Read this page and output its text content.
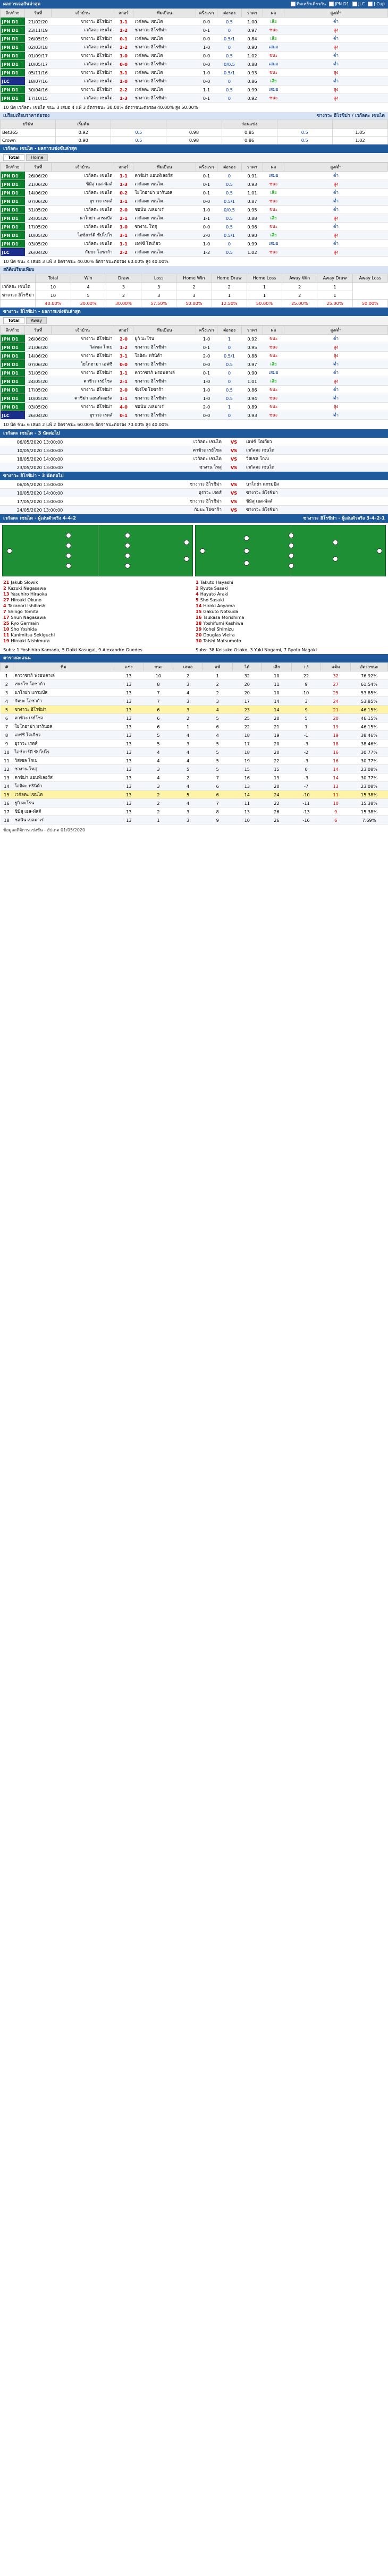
ผลการเจอกันล่าสุด	ทีมเหย้าเดียวกัน	JPN D1	JLC	J Cup
ลีก/ถ้วย	วันที่	เจ้าบ้าน	สกอร์	ทีมเยือน	ครึ่งแรก	ต่อรอง	ราคา	ผล	สูง/ต่ำ
JPN D1	21/02/20	ซางาวะ ฮิโรชิม่า	1-1	เวกัลตะ เซนได	0-0	0.5	1.00	เสีย	ต่ำ
JPN D1	23/11/19	เวกัลตะ เซนได	1-2	ซางาวะ ฮิโรชิม่า	0-1	0	0.97	ชนะ	สูง
JPN D1	26/05/19	ซางาวะ ฮิโรชิม่า	0-1	เวกัลตะ เซนได	0-0	0.5/1	0.84	เสีย	ต่ำ
JPN D1	02/03/18	เวกัลตะ เซนได	2-2	ซางาวะ ฮิโรชิม่า	1-0	0	0.90	เสมอ	สูง
JPN D1	01/09/17	ซางาวะ ฮิโรชิม่า	1-0	เวกัลตะ เซนได	0-0	0.5	1.02	ชนะ	ต่ำ
JPN D1	10/05/17	เวกัลตะ เซนได	0-0	ซางาวะ ฮิโรชิม่า	0-0	0/0.5	0.88	เสมอ	ต่ำ
JPN D1	05/11/16	ซางาวะ ฮิโรชิม่า	3-1	เวกัลตะ เซนได	1-0	0.5/1	0.93	ชนะ	สูง
JLC	18/07/16	เวกัลตะ เซนได	1-0	ซางาวะ ฮิโรชิม่า	0-0	0	0.86	เสีย	ต่ำ
JPN D1	30/04/16	ซางาวะ ฮิโรชิม่า	2-2	เวกัลตะ เซนได	1-1	0.5	0.99	เสมอ	สูง
JPN D1	17/10/15	เวกัลตะ เซนได	1-3	ซางาวะ ฮิโรชิม่า	0-1	0	0.92	ชนะ	สูง
10 นัด เวกัลตะ เซนได ชนะ 3 เสมอ 4 แพ้ 3 อัตราชนะ 30.00% อัตราชนะต่อรอง 40.00% สูง 50.00%
เปรียบเทียบราคาต่อรอง	ซางาวะ ฮิโรชิม่า / เวกัลตะ เซนได
บริษัท	เริ่มต้น			ก่อนแข่ง		
Bet365	0.92	0.5	0.98	0.85	0.5	1.05
Crown	0.90	0.5	0.98	0.86	0.5	1.02
เวกัลตะ เซนได - ผลการแข่งขันล่าสุด
Total	Home
ลีก/ถ้วย	วันที่	เจ้าบ้าน	สกอร์	ทีมเยือน	ครึ่งแรก	ต่อรอง	ราคา	ผล	สูง/ต่ำ
JPN D1	26/06/20	เวกัลตะ เซนได	1-1	คาชิม่า แอนท์เลอร์ส	0-1	0	0.91	เสมอ	ต่ำ
JPN D1	21/06/20	ชิมิสุ เอส-พัลส์	1-3	เวกัลตะ เซนได	0-1	0.5	0.93	ชนะ	สูง
JPN D1	14/06/20	เวกัลตะ เซนได	0-2	โยโกฮาม่า มารินอส	0-1	0.5	1.01	เสีย	ต่ำ
JPN D1	07/06/20	อุราวะ เรดส์	1-1	เวกัลตะ เซนได	0-0	0.5/1	0.87	ชนะ	ต่ำ
JPN D1	31/05/20	เวกัลตะ เซนได	2-0	ชอนัน เบลมาเร่	1-0	0/0.5	0.95	ชนะ	ต่ำ
JPN D1	24/05/20	นาโกย่า แกรมปัส	2-1	เวกัลตะ เซนได	1-1	0.5	0.88	เสีย	สูง
JPN D1	17/05/20	เวกัลตะ เซนได	1-0	ซางาน โทสุ	0-0	0.5	0.96	ชนะ	ต่ำ
JPN D1	10/05/20	ไอซ์ฮาร์ดี ซัปโปโร	3-1	เวกัลตะ เซนได	2-0	0.5/1	0.90	เสีย	สูง
JPN D1	03/05/20	เวกัลตะ เซนได	1-1	เอฟซี โตเกียว	1-0	0	0.99	เสมอ	ต่ำ
JLC	26/04/20	กัมบะ โอซาก้า	2-2	เวกัลตะ เซนได	1-2	0.5	1.02	ชนะ	สูง
10 นัด ชนะ 4 เสมอ 3 แพ้ 3 อัตราชนะ 40.00% อัตราชนะต่อรอง 60.00% สูง 40.00%
สถิติเปรียบเทียบ
	Total	Win	Draw	Loss	Home Win	Home Draw	Home Loss	Away Win	Away Draw	Away Loss
เวกัลตะ เซนได	10	4	3	3	2	2	1	2	1	
ซางาวะ ฮิโรชิม่า	10	5	2	3	3	1	1	2	1	
	40.00%	30.00%	30.00%	57.50%	50.00%	12.50%	50.00%	25.00%	25.00%	50.00%
ซางาวะ ฮิโรชิม่า - ผลการแข่งขันล่าสุด
Total	Away
ลีก/ถ้วย	วันที่	เจ้าบ้าน	สกอร์	ทีมเยือน	ครึ่งแรก	ต่อรอง	ราคา	ผล	สูง/ต่ำ
JPN D1	26/06/20	ซางาวะ ฮิโรชิม่า	2-0	ยูกิ มะโรน	1-0	1	0.92	ชนะ	ต่ำ
JPN D1	21/06/20	วิสเซล โกเบ	1-2	ซางาวะ ฮิโรชิม่า	0-1	0	0.95	ชนะ	สูง
JPN D1	14/06/20	ซางาวะ ฮิโรชิม่า	3-1	โออิตะ ทรินิต้า	2-0	0.5/1	0.88	ชนะ	สูง
JPN D1	07/06/20	โยโกฮาม่า เอฟซี	0-0	ซางาวะ ฮิโรชิม่า	0-0	0.5	0.97	เสีย	ต่ำ
JPN D1	31/05/20	ซางาวะ ฮิโรชิม่า	1-1	คาวาซากิ ฟรอนตาเล่	0-1	0	0.90	เสมอ	ต่ำ
JPN D1	24/05/20	คาชิวะ เรย์โซล	2-1	ซางาวะ ฮิโรชิม่า	1-0	0	1.01	เสีย	สูง
JPN D1	17/05/20	ซางาวะ ฮิโรชิม่า	2-0	ซีเรโซ โอซาก้า	1-0	0.5	0.86	ชนะ	ต่ำ
JPN D1	10/05/20	คาชิม่า แอนท์เลอร์ส	1-1	ซางาวะ ฮิโรชิม่า	1-0	0.5	0.94	ชนะ	ต่ำ
JPN D1	03/05/20	ซางาวะ ฮิโรชิม่า	4-0	ชอนัน เบลมาเร่	2-0	1	0.89	ชนะ	สูง
JLC	26/04/20	อุราวะ เรดส์	0-1	ซางาวะ ฮิโรชิม่า	0-0	0	0.93	ชนะ	ต่ำ
10 นัด ชนะ 6 เสมอ 2 แพ้ 2 อัตราชนะ 60.00% อัตราชนะต่อรอง 70.00% สูง 40.00%
เวกัลตะ เซนได - 3 นัดต่อไป
06/05/2020 13:00:00	เวกัลตะ เซนได	VS	เอฟซี โตเกียว
10/05/2020 13:00:00	คาชิวะ เรย์โซล	VS	เวกัลตะ เซนได
18/05/2020 14:00:00	เวกัลตะ เซนได	VS	วิสเซล โกเบ
23/05/2020 13:00:00	ซางาน โทสุ	VS	เวกัลตะ เซนได
ซางาวะ ฮิโรชิม่า - 3 นัดต่อไป
06/05/2020 13:00:00	ซางาวะ ฮิโรชิม่า	VS	นาโกย่า แกรมปัส
10/05/2020 14:00:00	อุราวะ เรดส์	VS	ซางาวะ ฮิโรชิม่า
17/05/2020 13:00:00	ซางาวะ ฮิโรชิม่า	VS	ชิมิสุ เอส-พัลส์
24/05/2020 13:00:00	กัมบะ โอซาก้า	VS	ซางาวะ ฮิโรชิม่า
เวกัลตะ เซนได - ผู้เล่นตัวจริง 4-4-2	ซางาวะ ฮิโรชิม่า - ผู้เล่นตัวจริง 3-4-2-1
21 Jakub Slowik
2 Kazuki Nagasawa
13 Yasuhiro Hiraoka
27 Hiroaki Okuno
4 Takanori Ishibashi
7 Shingo Tomita
17 Shun Nagasawa
25 Ryo Germain
10 Sho Yoshida
11 Kunimitsu Sekiguchi
19 Hiroaki Nishimura
1 Takuto Hayashi
2 Ryuta Sasaki
4 Hayato Araki
5 Sho Sasaki
14 Hiroki Aoyama
15 Gakuto Notsuda
16 Tsukasa Morishima
18 Yoshifumi Kashiwa
19 Kohei Shimizu
20 Douglas Vieira
30 Taishi Matsumoto
Subs: 1 Yoshihiro Kamada, 5 Daiki Kasugai, 9 Alexandre Guedes	Subs: 38 Keisuke Osako, 3 Yuki Nogami, 7 Ryota Nagaki
ตารางคะแนน
#	ทีม	แข่ง	ชนะ	เสมอ	แพ้	ได้	เสีย	+/-	แต้ม	อัตราชนะ
1	คาวาซากิ ฟรอนตาเล่	13	10	2	1	32	10	22	32	76.92%
2	เซเรโซ โอซาก้า	13	8	3	2	20	11	9	27	61.54%
3	นาโกย่า แกรมปัส	13	7	4	2	20	10	10	25	53.85%
4	กัมบะ โอซาก้า	13	7	3	3	17	14	3	24	53.85%
5	ซางาวะ ฮิโรชิม่า	13	6	3	4	23	14	9	21	46.15%
6	คาชิวะ เรย์โซล	13	6	2	5	25	20	5	20	46.15%
7	โยโกฮาม่า มารินอส	13	6	1	6	22	21	1	19	46.15%
8	เอฟซี โตเกียว	13	5	4	4	18	19	-1	19	38.46%
9	อุราวะ เรดส์	13	5	3	5	17	20	-3	18	38.46%
10	ไอซ์ฮาร์ดี ซัปโปโร	13	4	4	5	18	20	-2	16	30.77%
11	วิสเซล โกเบ	13	4	4	5	19	22	-3	16	30.77%
12	ซางาน โทสุ	13	3	5	5	15	15	0	14	23.08%
13	คาชิม่า แอนท์เลอร์ส	13	4	2	7	16	19	-3	14	30.77%
14	โออิตะ ทรินิต้า	13	3	4	6	13	20	-7	13	23.08%
15	เวกัลตะ เซนได	13	2	5	6	14	24	-10	11	15.38%
16	ยูกิ มะโรน	13	2	4	7	11	22	-11	10	15.38%
17	ชิมิสุ เอส-พัลส์	13	2	3	8	13	26	-13	9	15.38%
18	ชอนัน เบลมาเร่	13	1	3	9	10	26	-16	6	7.69%
ข้อมูลสถิติการแข่งขัน - อัปเดต 01/05/2020
